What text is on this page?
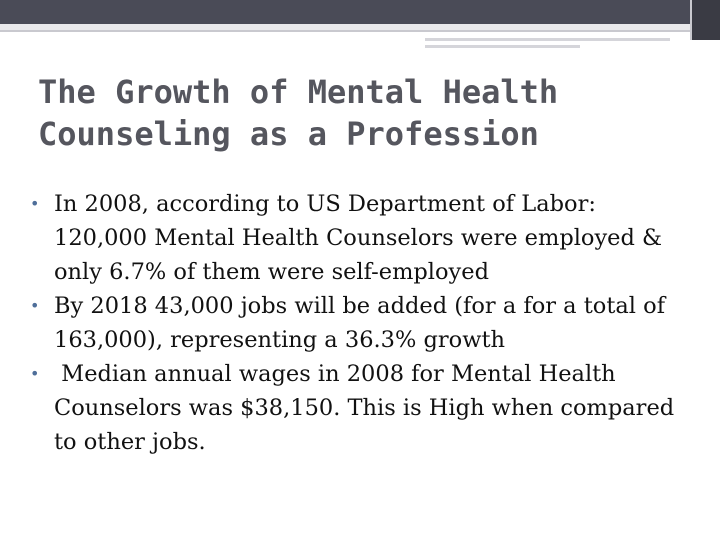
The Growth of Mental Health Counseling as a Profession
• In 2008, according to US Department of Labor: 120,000 Mental Health Counselors were employed & only 6.7% of them were self-employed
• By 2018 43,000 jobs will be added (for a for a total of 163,000), representing a 36.3% growth
• Median annual wages in 2008 for Mental Health Counselors was $38,150. This is High when compared to other jobs.
